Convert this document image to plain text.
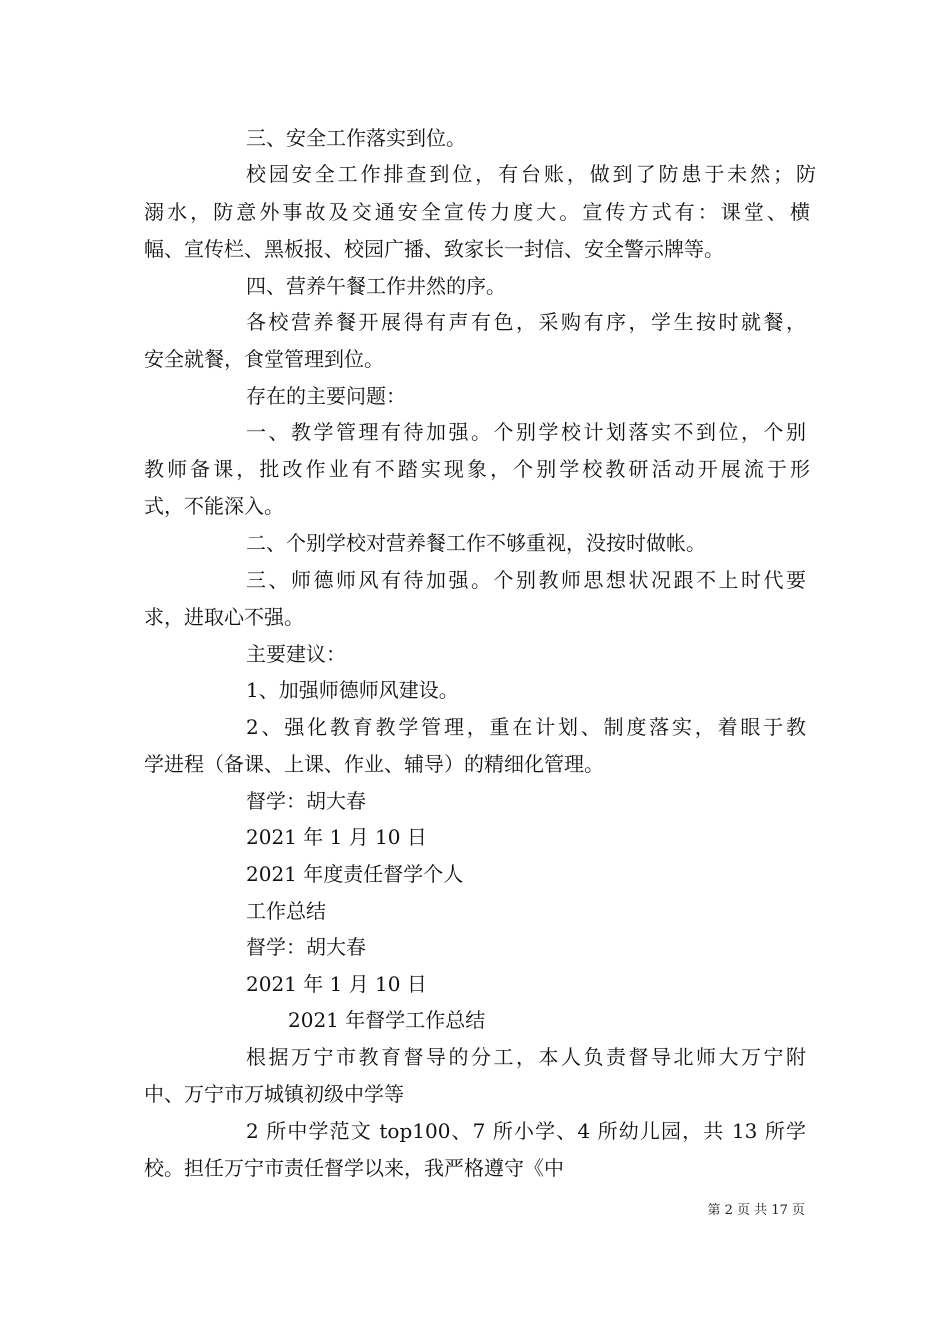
三、安全工作落实到位。
校园安全工作排查到位，有台账，做到了防患于未然；防
溺水，防意外事故及交通安全宣传力度大。宣传方式有：课堂、横
幅、宣传栏、黑板报、校园广播、致家长一封信、安全警示牌等。
四、营养午餐工作井然的序。
各校营养餐开展得有声有色，采购有序，学生按时就餐，
安全就餐，食堂管理到位。
存在的主要问题：
一、教学管理有待加强。个别学校计划落实不到位，个别
教师备课，批改作业有不踏实现象，个别学校教研活动开展流于形
式，不能深入。
二、个别学校对营养餐工作不够重视，没按时做帐。
三、师德师风有待加强。个别教师思想状况跟不上时代要
求，进取心不强。
主要建议：
1、加强师德师风建设。
2、强化教育教学管理，重在计划、制度落实，着眼于教
学进程（备课、上课、作业、辅导）的精细化管理。
督学：胡大春
2021 年 1 月 10 日
2021 年度责任督学个人
工作总结
督学：胡大春
2021 年 1 月 10 日
2021 年督学工作总结
根据万宁市教育督导的分工，本人负责督导北师大万宁附
中、万宁市万城镇初级中学等
2 所中学范文 top100、7 所小学、4 所幼儿园，共 13 所学
校。担任万宁市责任督学以来，我严格遵守《中
第 2 页 共 17 页
